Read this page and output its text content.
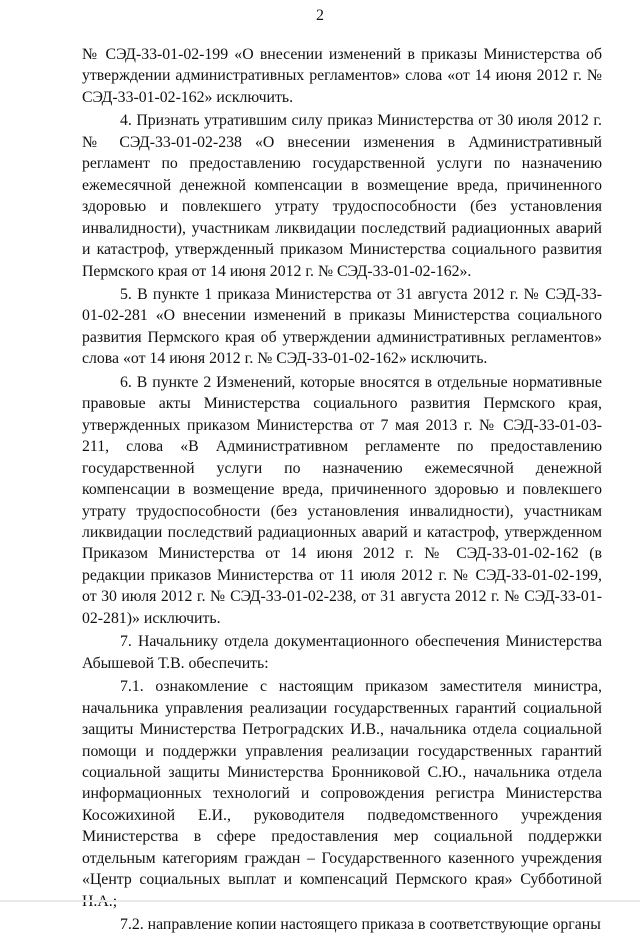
2

№ СЭД-33-01-02-199 «О внесении изменений в приказы Министерства об утверждении административных регламентов» слова «от 14 июня 2012 г. № СЭД-33-01-02-162» исключить.

4. Признать утратившим силу приказ Министерства от 30 июля 2012 г. № СЭД-33-01-02-238 «О внесении изменения в Административный регламент по предоставлению государственной услуги по назначению ежемесячной денежной компенсации в возмещение вреда, причиненного здоровью и повлекшего утрату трудоспособности (без установления инвалидности), участникам ликвидации последствий радиационных аварий и катастроф, утвержденный приказом Министерства социального развития Пермского края от 14 июня 2012 г. № СЭД-33-01-02-162».

5. В пункте 1 приказа Министерства от 31 августа 2012 г. № СЭД-33-01-02-281 «О внесении изменений в приказы Министерства социального развития Пермского края об утверждении административных регламентов» слова «от 14 июня 2012 г. № СЭД-33-01-02-162» исключить.

6. В пункте 2 Изменений, которые вносятся в отдельные нормативные правовые акты Министерства социального развития Пермского края, утвержденных приказом Министерства от 7 мая 2013 г. № СЭД-33-01-03-211, слова «В Административном регламенте по предоставлению государственной услуги по назначению ежемесячной денежной компенсации в возмещение вреда, причиненного здоровью и повлекшего утрату трудоспособности (без установления инвалидности), участникам ликвидации последствий радиационных аварий и катастроф, утвержденном Приказом Министерства от 14 июня 2012 г. № СЭД-33-01-02-162 (в редакции приказов Министерства от 11 июля 2012 г. № СЭД-33-01-02-199, от 30 июля 2012 г. № СЭД-33-01-02-238, от 31 августа 2012 г. № СЭД-33-01-02-281)» исключить.

7. Начальнику отдела документационного обеспечения Министерства Абышевой Т.В. обеспечить:

7.1. ознакомление с настоящим приказом заместителя министра, начальника управления реализации государственных гарантий социальной защиты Министерства Петроградских И.В., начальника отдела социальной помощи и поддержки управления реализации государственных гарантий социальной защиты Министерства Бронниковой С.Ю., начальника отдела информационных технологий и сопровождения регистра Министерства Косожихиной Е.И., руководителя подведомственного учреждения Министерства в сфере предоставления мер социальной поддержки отдельным категориям граждан – Государственного казенного учреждения «Центр социальных выплат и компенсаций Пермского края» Субботиной

7.2. направление копии настоящего приказа в соответствующие органы
